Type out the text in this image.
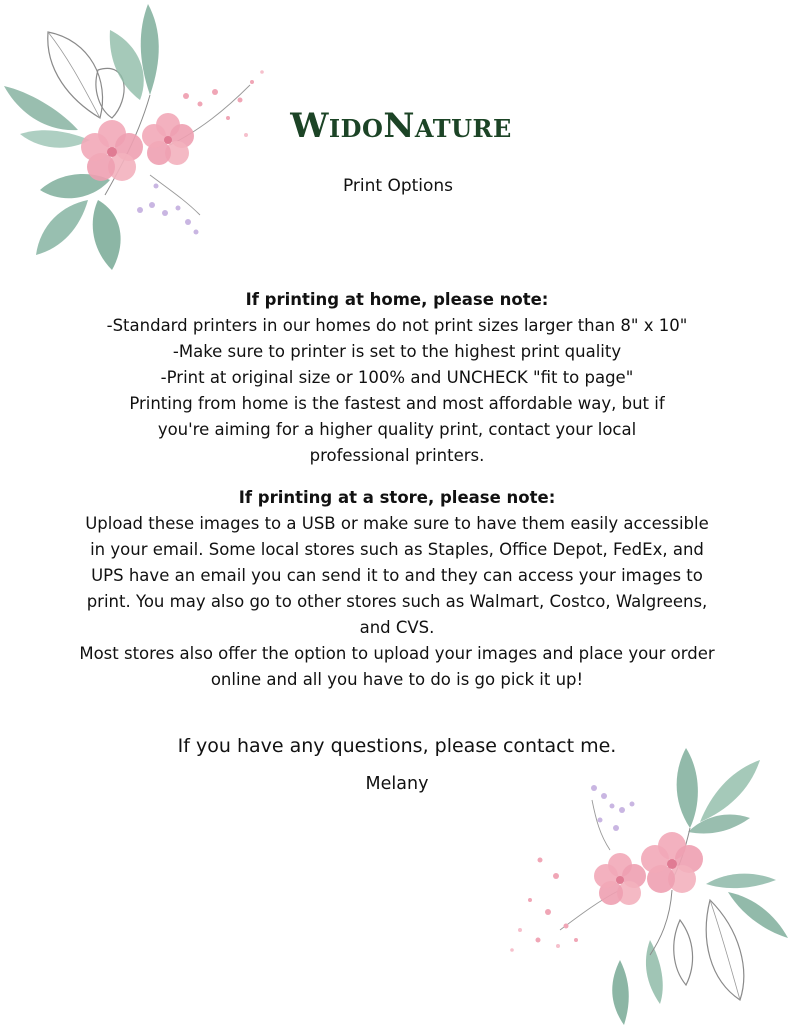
WidoNature
Print Options
If printing at home, please note:

-Standard printers in our homes do not print sizes larger than 8" x 10"

-Make sure to printer is set to the highest print quality

-Print at original size or 100% and UNCHECK "fit to page"

Printing from home is the fastest and most affordable way, but if you're aiming for a higher quality print, contact your local professional printers.

If printing at a store, please note:

Upload these images to a USB or make sure to have them easily accessible in your email. Some local stores such as Staples, Office Depot, FedEx, and UPS have an email you can send it to and they can access your images to print. You may also go to other stores such as Walmart, Costco, Walgreens, and CVS.

Most stores also offer the option to upload your images and place your order online and all you have to do is go pick it up!

If you have any questions, please contact me.
Melany
